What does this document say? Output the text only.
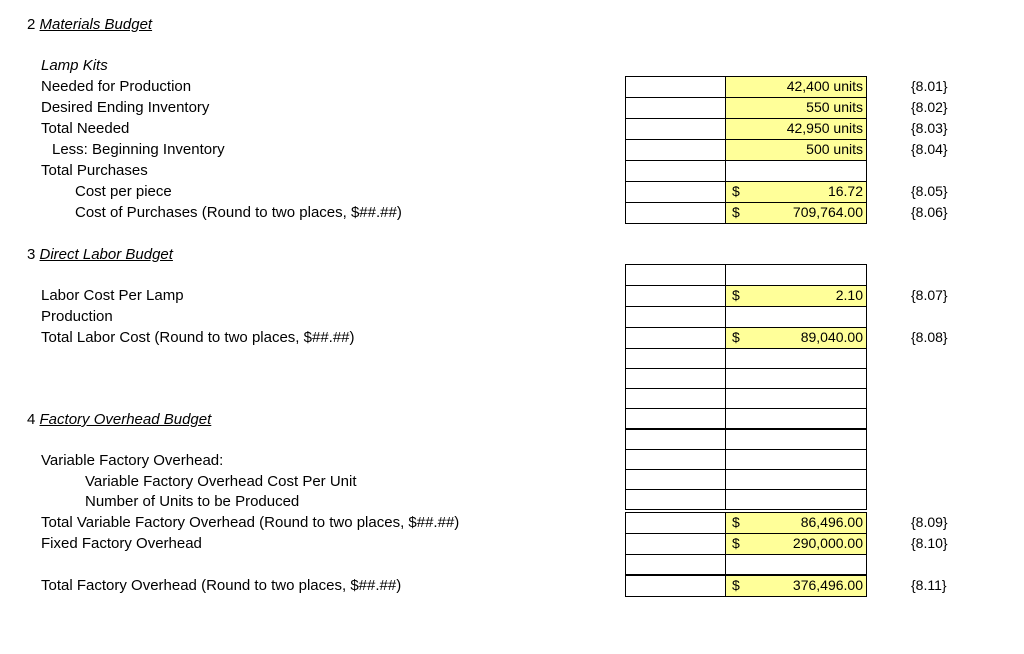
2 Materials Budget
Lamp Kits
Needed for Production
Desired Ending Inventory
Total Needed
Less: Beginning Inventory
Total Purchases
Cost per piece
Cost of Purchases (Round to two places, $##.##)
3 Direct Labor Budget
Labor Cost Per Lamp
Production
Total Labor Cost (Round to two places, $##.##)
4 Factory Overhead Budget
Variable Factory Overhead:
Variable Factory Overhead Cost Per Unit
Number of Units to be Produced
Total Variable Factory Overhead (Round to two places, $##.##)
Fixed Factory Overhead
Total Factory Overhead (Round to two places, $##.##)
42,400 units
550 units
42,950 units
500 units
16.72
709,764.00
2.10
89,040.00
86,496.00
290,000.00
376,496.00
$
$
$
$
$
$
$
{8.01}
{8.02}
{8.03}
{8.04}
{8.05}
{8.06}
{8.07}
{8.08}
{8.09}
{8.10}
{8.11}
